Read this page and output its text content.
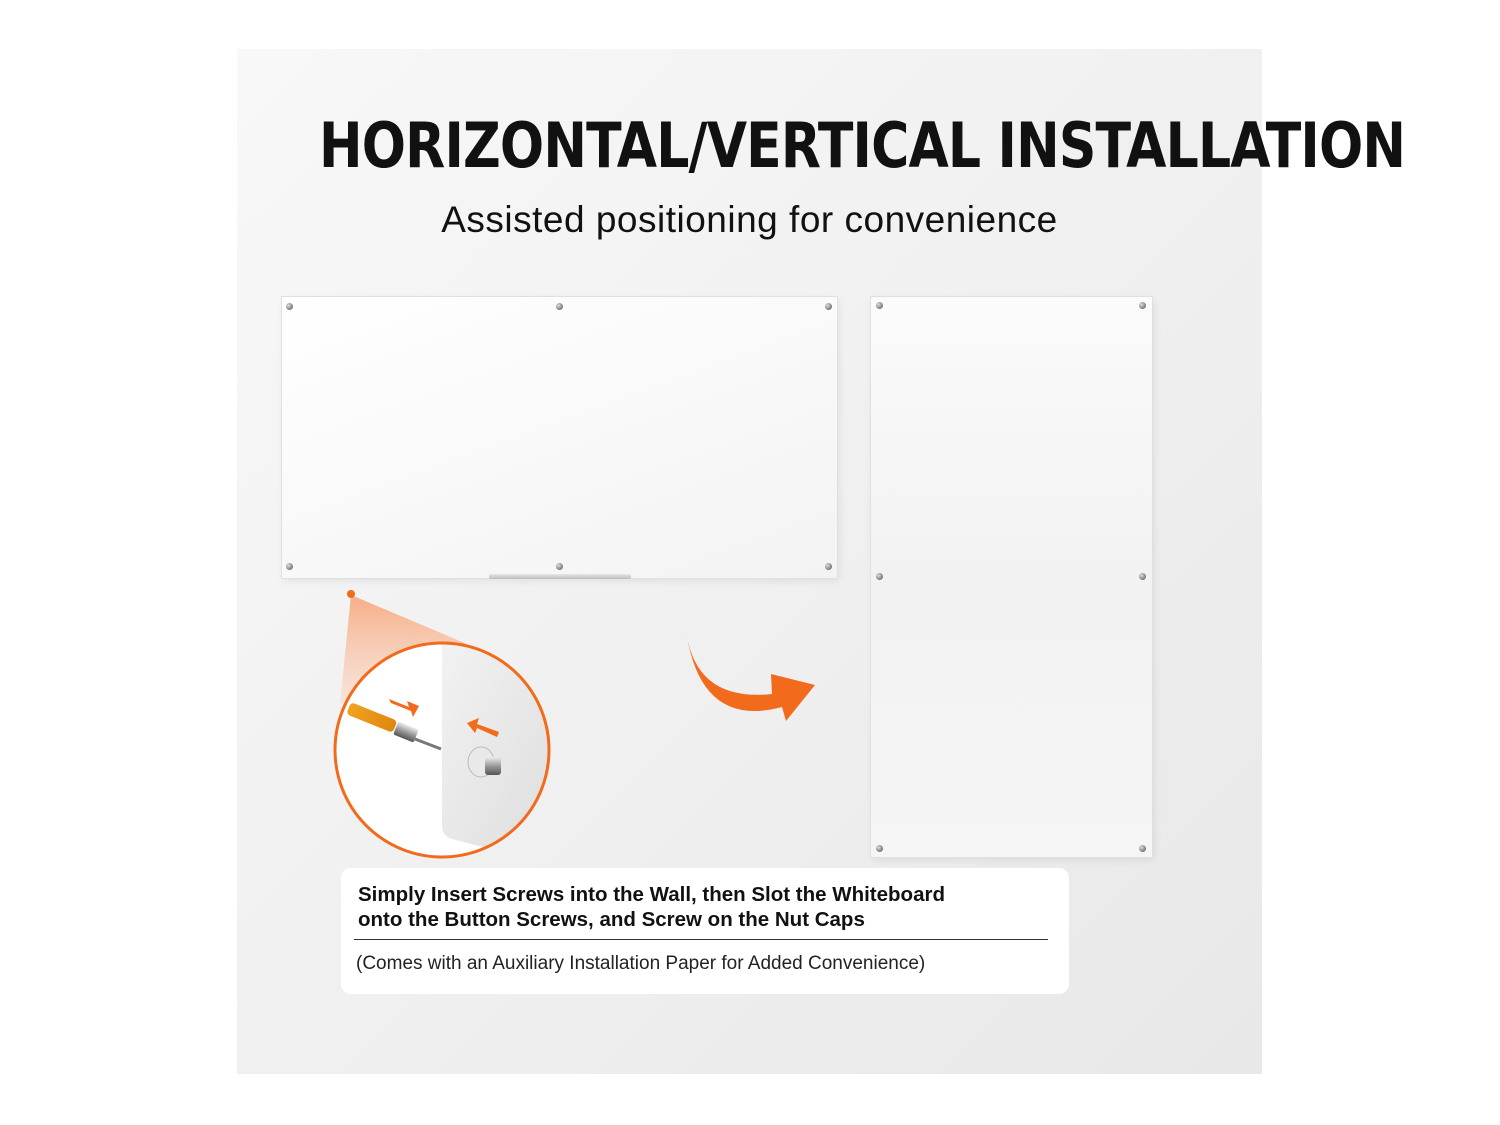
HORIZONTAL/VERTICAL INSTALLATION
Assisted positioning for convenience
Simply Insert Screws into the Wall, then Slot the Whiteboard
onto the Button Screws, and Screw on the Nut Caps
(Comes with an Auxiliary Installation Paper for Added Convenience)
